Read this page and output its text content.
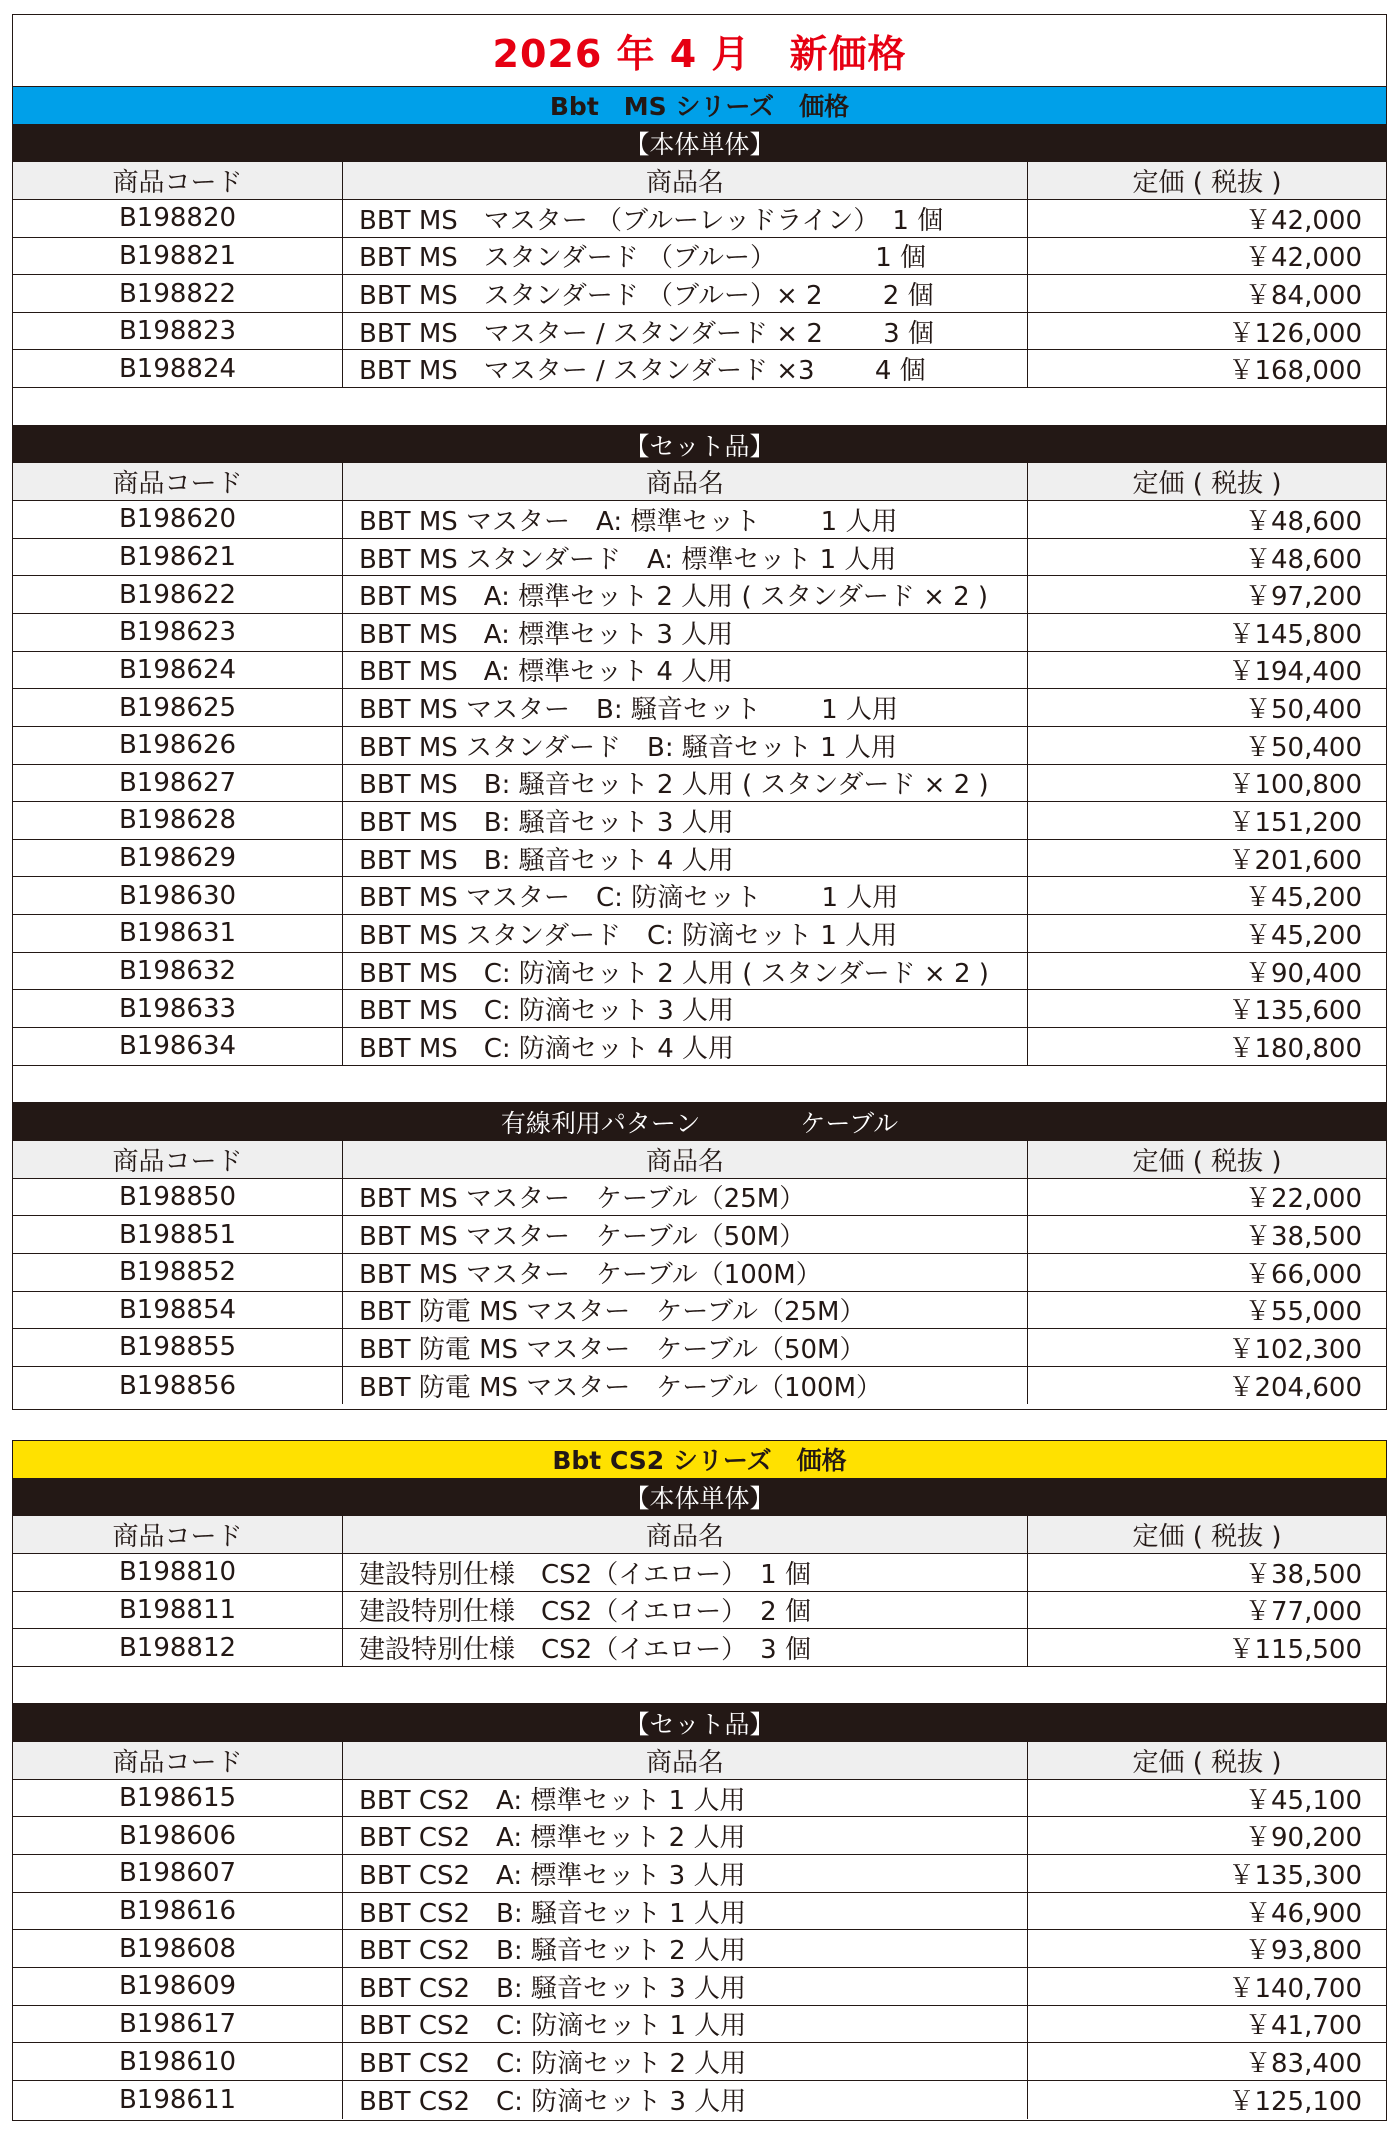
2026 年 4 月　新価格
Bbt　MS シリーズ　価格
【本体単体】
商品コード	商品名	定価 ( 税抜 )
B198820	BBT MS　マスター （ブルーレッドライン）　1 個	￥42,000
B198821	BBT MS　スタンダード （ブルー）　　　　 1 個	￥42,000
B198822	BBT MS　スタンダード （ブルー）× 2　　 2 個	￥84,000
B198823	BBT MS　マスター / スタンダード × 2　　 3 個	￥126,000
B198824	BBT MS　マスター / スタンダード ×3　　 4 個	￥168,000
【セット品】
商品コード	商品名	定価 ( 税抜 )
B198620	BBT MS マスター　A: 標準セット　　 1 人用	￥48,600
B198621	BBT MS スタンダード　A: 標準セット 1 人用	￥48,600
B198622	BBT MS　A: 標準セット 2 人用 ( スタンダード × 2 )	￥97,200
B198623	BBT MS　A: 標準セット 3 人用	￥145,800
B198624	BBT MS　A: 標準セット 4 人用	￥194,400
B198625	BBT MS マスター　B: 騒音セット　　 1 人用	￥50,400
B198626	BBT MS スタンダード　B: 騒音セット 1 人用	￥50,400
B198627	BBT MS　B: 騒音セット 2 人用 ( スタンダード × 2 )	￥100,800
B198628	BBT MS　B: 騒音セット 3 人用	￥151,200
B198629	BBT MS　B: 騒音セット 4 人用	￥201,600
B198630	BBT MS マスター　C: 防滴セット　　 1 人用	￥45,200
B198631	BBT MS スタンダード　C: 防滴セット 1 人用	￥45,200
B198632	BBT MS　C: 防滴セット 2 人用 ( スタンダード × 2 )	￥90,400
B198633	BBT MS　C: 防滴セット 3 人用	￥135,600
B198634	BBT MS　C: 防滴セット 4 人用	￥180,800
有線利用パターン　　　　ケーブル
商品コード	商品名	定価 ( 税抜 )
B198850	BBT MS マスター　ケーブル（25M）	￥22,000
B198851	BBT MS マスター　ケーブル（50M）	￥38,500
B198852	BBT MS マスター　ケーブル（100M）	￥66,000
B198854	BBT 防電 MS マスター　ケーブル（25M）	￥55,000
B198855	BBT 防電 MS マスター　ケーブル（50M）	￥102,300
B198856	BBT 防電 MS マスター　ケーブル（100M）	￥204,600
Bbt CS2 シリーズ　価格
【本体単体】
商品コード	商品名	定価 ( 税抜 )
B198810	建設特別仕様　CS2（イエロー）　1 個	￥38,500
B198811	建設特別仕様　CS2（イエロー）　2 個	￥77,000
B198812	建設特別仕様　CS2（イエロー）　3 個	￥115,500
【セット品】
商品コード	商品名	定価 ( 税抜 )
B198615	BBT CS2　A: 標準セット 1 人用	￥45,100
B198606	BBT CS2　A: 標準セット 2 人用	￥90,200
B198607	BBT CS2　A: 標準セット 3 人用	￥135,300
B198616	BBT CS2　B: 騒音セット 1 人用	￥46,900
B198608	BBT CS2　B: 騒音セット 2 人用	￥93,800
B198609	BBT CS2　B: 騒音セット 3 人用	￥140,700
B198617	BBT CS2　C: 防滴セット 1 人用	￥41,700
B198610	BBT CS2　C: 防滴セット 2 人用	￥83,400
B198611	BBT CS2　C: 防滴セット 3 人用	￥125,100
